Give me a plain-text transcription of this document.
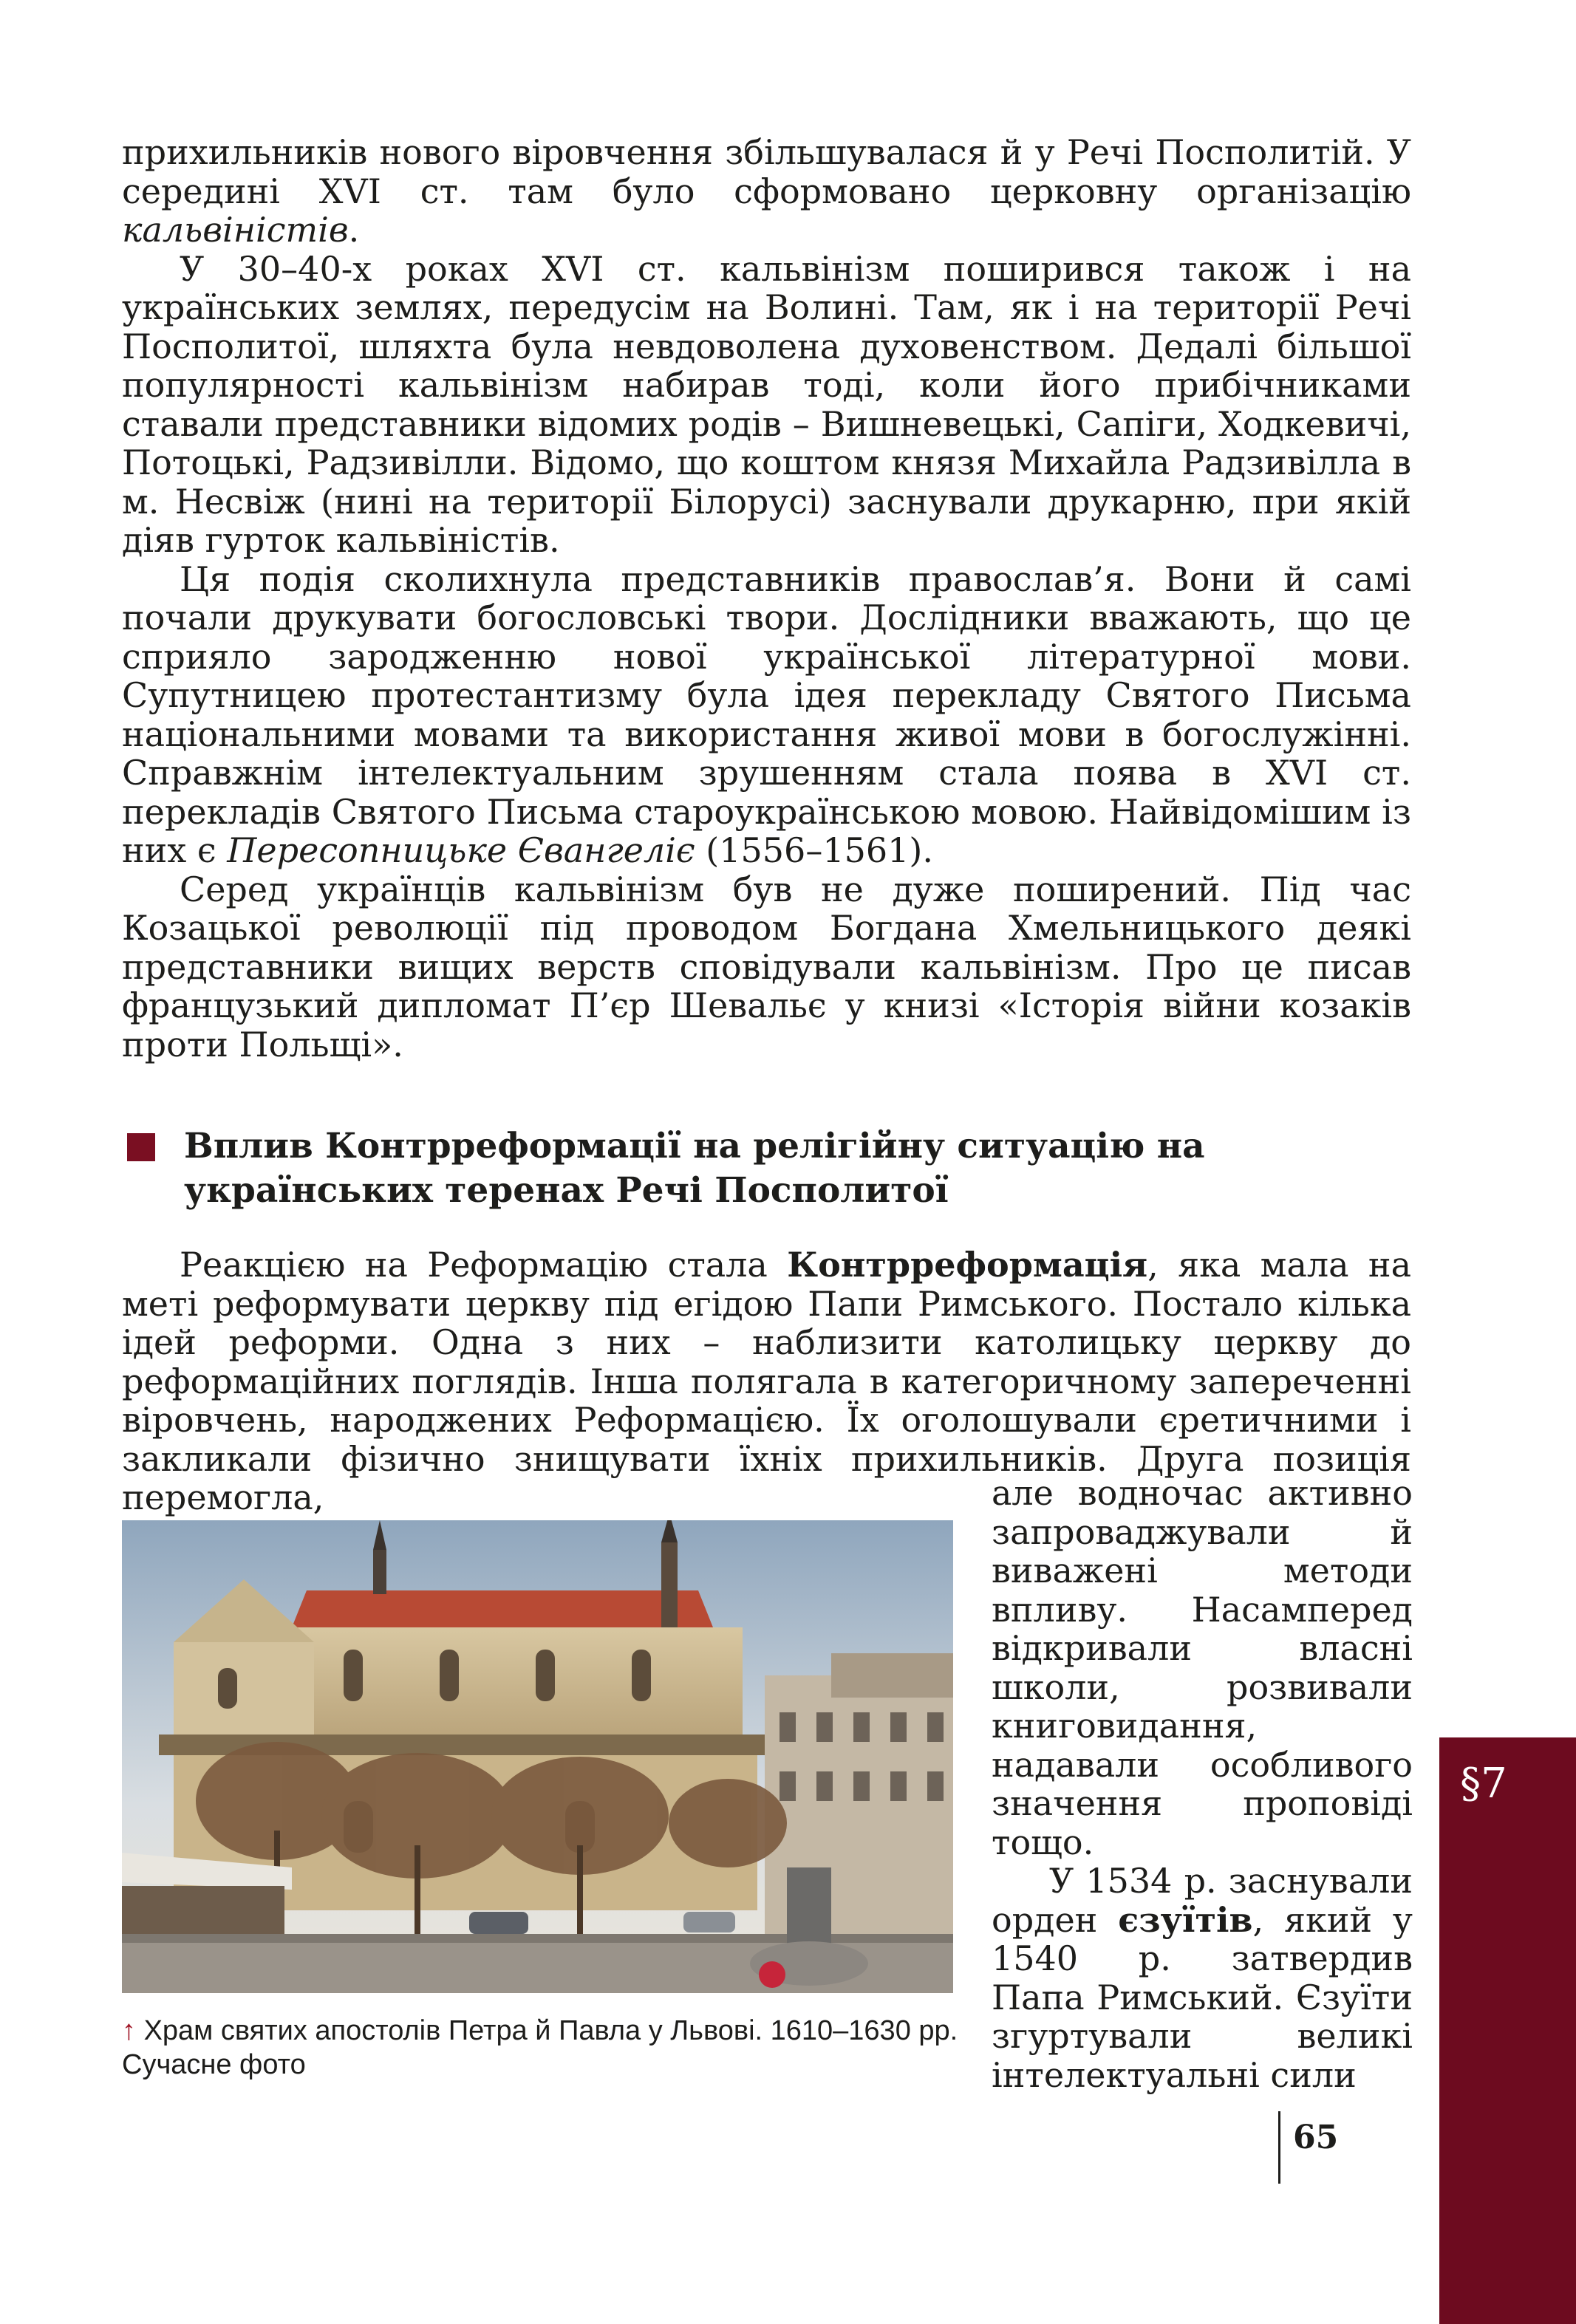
прихильників нового віровчення збільшувалася й у Речі Посполитій. У середині XVI ст. там було сформовано церковну організацію кальвіністів.

У 30–40-х роках XVI ст. кальвінізм поширився також і на українських землях, передусім на Волині. Там, як і на території Речі Посполитої, шляхта була невдоволена духовенством. Дедалі більшої популярності кальвінізм набирав тоді, коли його прибічниками ставали представники відомих родів – Вишневецькі, Сапіги, Ходкевичі, Потоцькі, Радзивілли. Відомо, що коштом князя Михайла Радзивілла в м. Несвіж (нині на території Білорусі) заснували друкарню, при якій діяв гурток кальвіністів.

Ця подія сколихнула представників православ’я. Вони й самі почали друкувати богословські твори. Дослідники вважають, що це сприяло зародженню нової української літературної мови. Супутницею протестантизму була ідея перекладу Святого Письма національними мовами та використання живої мови в богослужінні. Справжнім інтелектуальним зрушенням стала поява в XVI ст. перекладів Святого Письма староукраїнською мовою. Найвідомішим із них є Пересопницьке Євангеліє (1556–1561).

Серед українців кальвінізм був не дуже поширений. Під час Козацької революції під проводом Богдана Хмельницького деякі представники вищих верств сповідували кальвінізм. Про це писав французький дипломат П’єр Шевальє у книзі «Історія війни козаків проти Польщі».

Вплив Контрреформації на релігійну ситуацію на українських теренах Речі Посполитої

Реакцією на Реформацію стала Контрреформація, яка мала на меті реформувати церкву під егідою Папи Римського. Постало кілька ідей реформи. Одна з них – наблизити католицьку церкву до реформаційних поглядів. Інша полягала в категоричному запереченні віровчень, народжених Реформацією. Їх оголошували єретичними і закликали фізично знищувати їхніх прихильників. Друга позиція перемогла,

↑ Храм святих апостолів Петра й Павла у Львові. 1610–1630 рр. Сучасне фото

але водночас активно запроваджували й виважені методи впливу. Насамперед відкривали власні школи, розвивали книговидання, надавали особливого значення проповіді тощо.

У 1534 р. заснували орден єзуїтів, який у 1540 р. затвердив Папа Римський. Єзуїти згуртували великі інтелектуальні сили

§7
65
